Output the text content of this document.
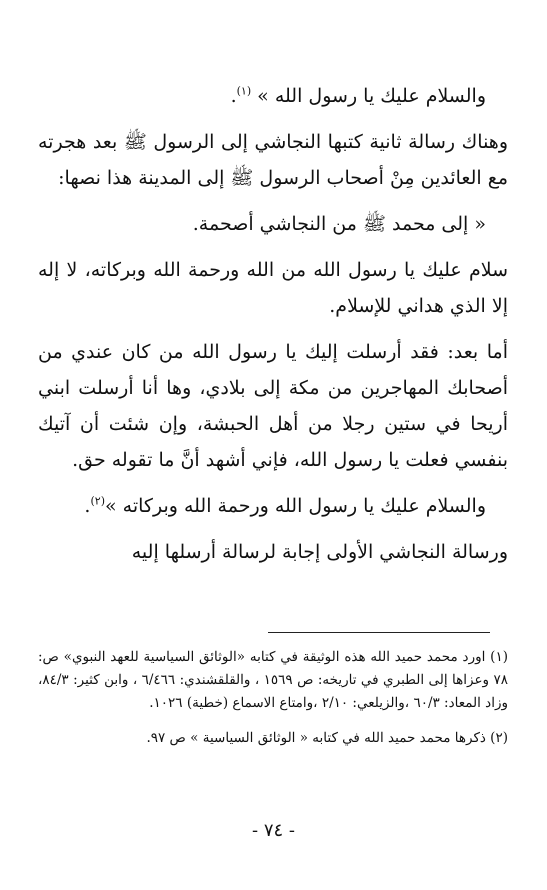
والسلام عليك يا رسول الله » $^{(١)}$.

وهناك رسالة ثانية كتبها النجاشي إلى الرسول ﷺ بعد هجرته مع العائدين مِنْ أصحاب الرسول ﷺ إلى المدينة هذا نصها:

« إلى محمد ﷺ من النجاشي أصحمة.

سلام عليك يا رسول الله من الله ورحمة الله وبركاته، لا إله إلا الذي هداني للإسلام.

أما بعد: فقد أرسلت إليك يا رسول الله من كان عندي من أصحابك المهاجرين من مكة إلى بلادي، وها أنا أرسلت ابني أريحا في ستين رجلا من أهل الحبشة، وإن شئت أن آتيك بنفسي فعلت يا رسول الله، فإني أشهد أنَّ ما تقوله حق.

والسلام عليك يا رسول الله ورحمة الله وبركاته »$^{(٢)}$.

ورسالة النجاشي الأولى إجابة لرسالة أرسلها إليه

(١) اورد محمد حميد الله هذه الوثيقة في كتابه «الوثائق السياسية للعهد النبوي» ص: ٧٨ وعزاها إلى الطبري في تاريخه: ص ١٥٦٩ ، والقلقشندي: ٦/٤٦٦ ، وابن كثير: ٨٤/٣، وزاد المعاد: ٦٠/٣ ،والزيلعي: ٢/١٠ ،وامتاع الاسماع (خطية) ١٠٢٦.

(٢) ذكرها محمد حميد الله في كتابه « الوثائق السياسية » ص ٩٧.

- ٧٤ -
